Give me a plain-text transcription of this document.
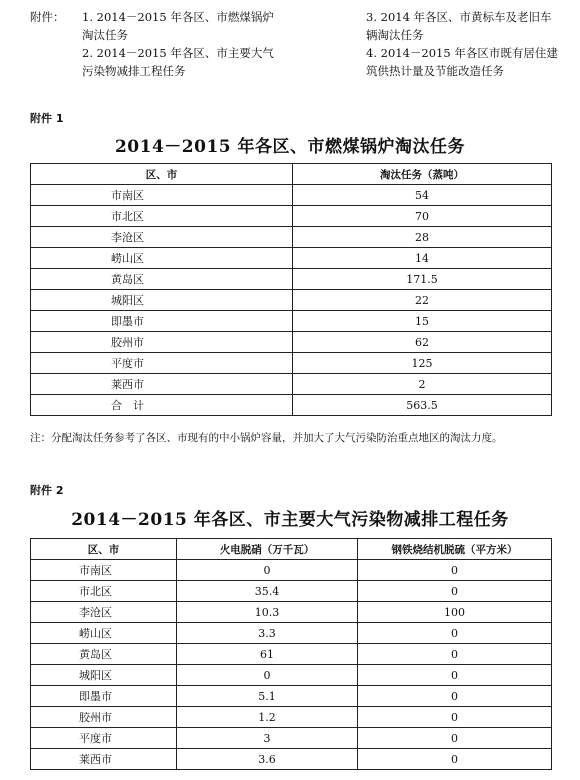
附件： 1. 2014－2015 年各区、市燃煤锅炉
淘汰任务
2. 2014－2015 年各区、市主要大气
污染物减排工程任务
3. 2014 年各区、市黄标车及老旧车
辆淘汰任务
4. 2014－2015 年各区市既有居住建
筑供热计量及节能改造任务
附件 1
2014－2015 年各区、市燃煤锅炉淘汰任务
区、市	淘汰任务（蒸吨）
市南区	54
市北区	70
李沧区	28
崂山区	14
黄岛区	171.5
城阳区	22
即墨市	15
胶州市	62
平度市	125
莱西市	2
合　计	563.5
注：分配淘汰任务参考了各区、市现有的中小锅炉容量，并加大了大气污染防治重点地区的淘汰力度。
附件 2
2014－2015 年各区、市主要大气污染物减排工程任务
区、市	火电脱硝（万千瓦）	钢铁烧结机脱硫（平方米）
市南区	0	0
市北区	35.4	0
李沧区	10.3	100
崂山区	3.3	0
黄岛区	61	0
城阳区	0	0
即墨市	5.1	0
胶州市	1.2	0
平度市	3	0
莱西市	3.6	0
